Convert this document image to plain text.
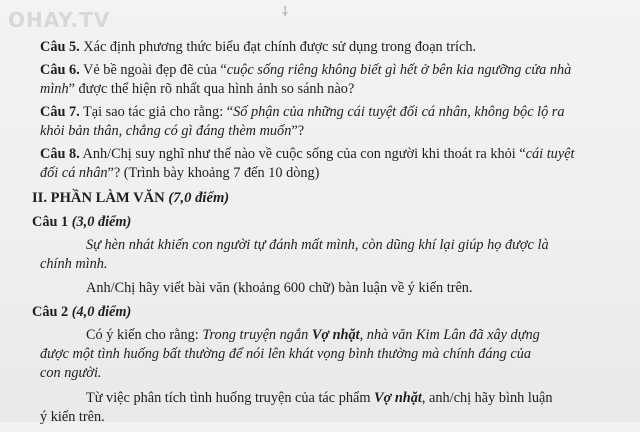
OHAY.TV	⸸
Câu 5. Xác định phương thức biểu đạt chính được sử dụng trong đoạn trích.
Câu 6. Vẻ bề ngoài đẹp đẽ của “cuộc sống riêng không biết gì hết ở bên kia ngưỡng cửa nhà
mình” được thể hiện rõ nhất qua hình ảnh so sánh nào?
Câu 7. Tại sao tác giả cho rằng: “Số phận của những cái tuyệt đối cá nhân, không bộc lộ ra
khỏi bản thân, chẳng có gì đáng thèm muốn”?
Câu 8. Anh/Chị suy nghĩ như thế nào về cuộc sống của con người khi thoát ra khỏi “cái tuyệt
đối cá nhân”? (Trình bày khoảng 7 đến 10 dòng)
II. PHẦN LÀM VĂN (7,0 điểm)
Câu 1 (3,0 điểm)
Sự hèn nhát khiến con người tự đánh mất mình, còn dũng khí lại giúp họ được là
chính mình.
Anh/Chị hãy viết bài văn (khoảng 600 chữ) bàn luận về ý kiến trên.
Câu 2 (4,0 điểm)
Có ý kiến cho rằng: Trong truyện ngắn Vợ nhặt, nhà văn Kim Lân đã xây dựng
được một tình huống bất thường để nói lên khát vọng bình thường mà chính đáng của
con người.
Từ việc phân tích tình huống truyện của tác phẩm Vợ nhặt, anh/chị hãy bình luận
ý kiến trên.
